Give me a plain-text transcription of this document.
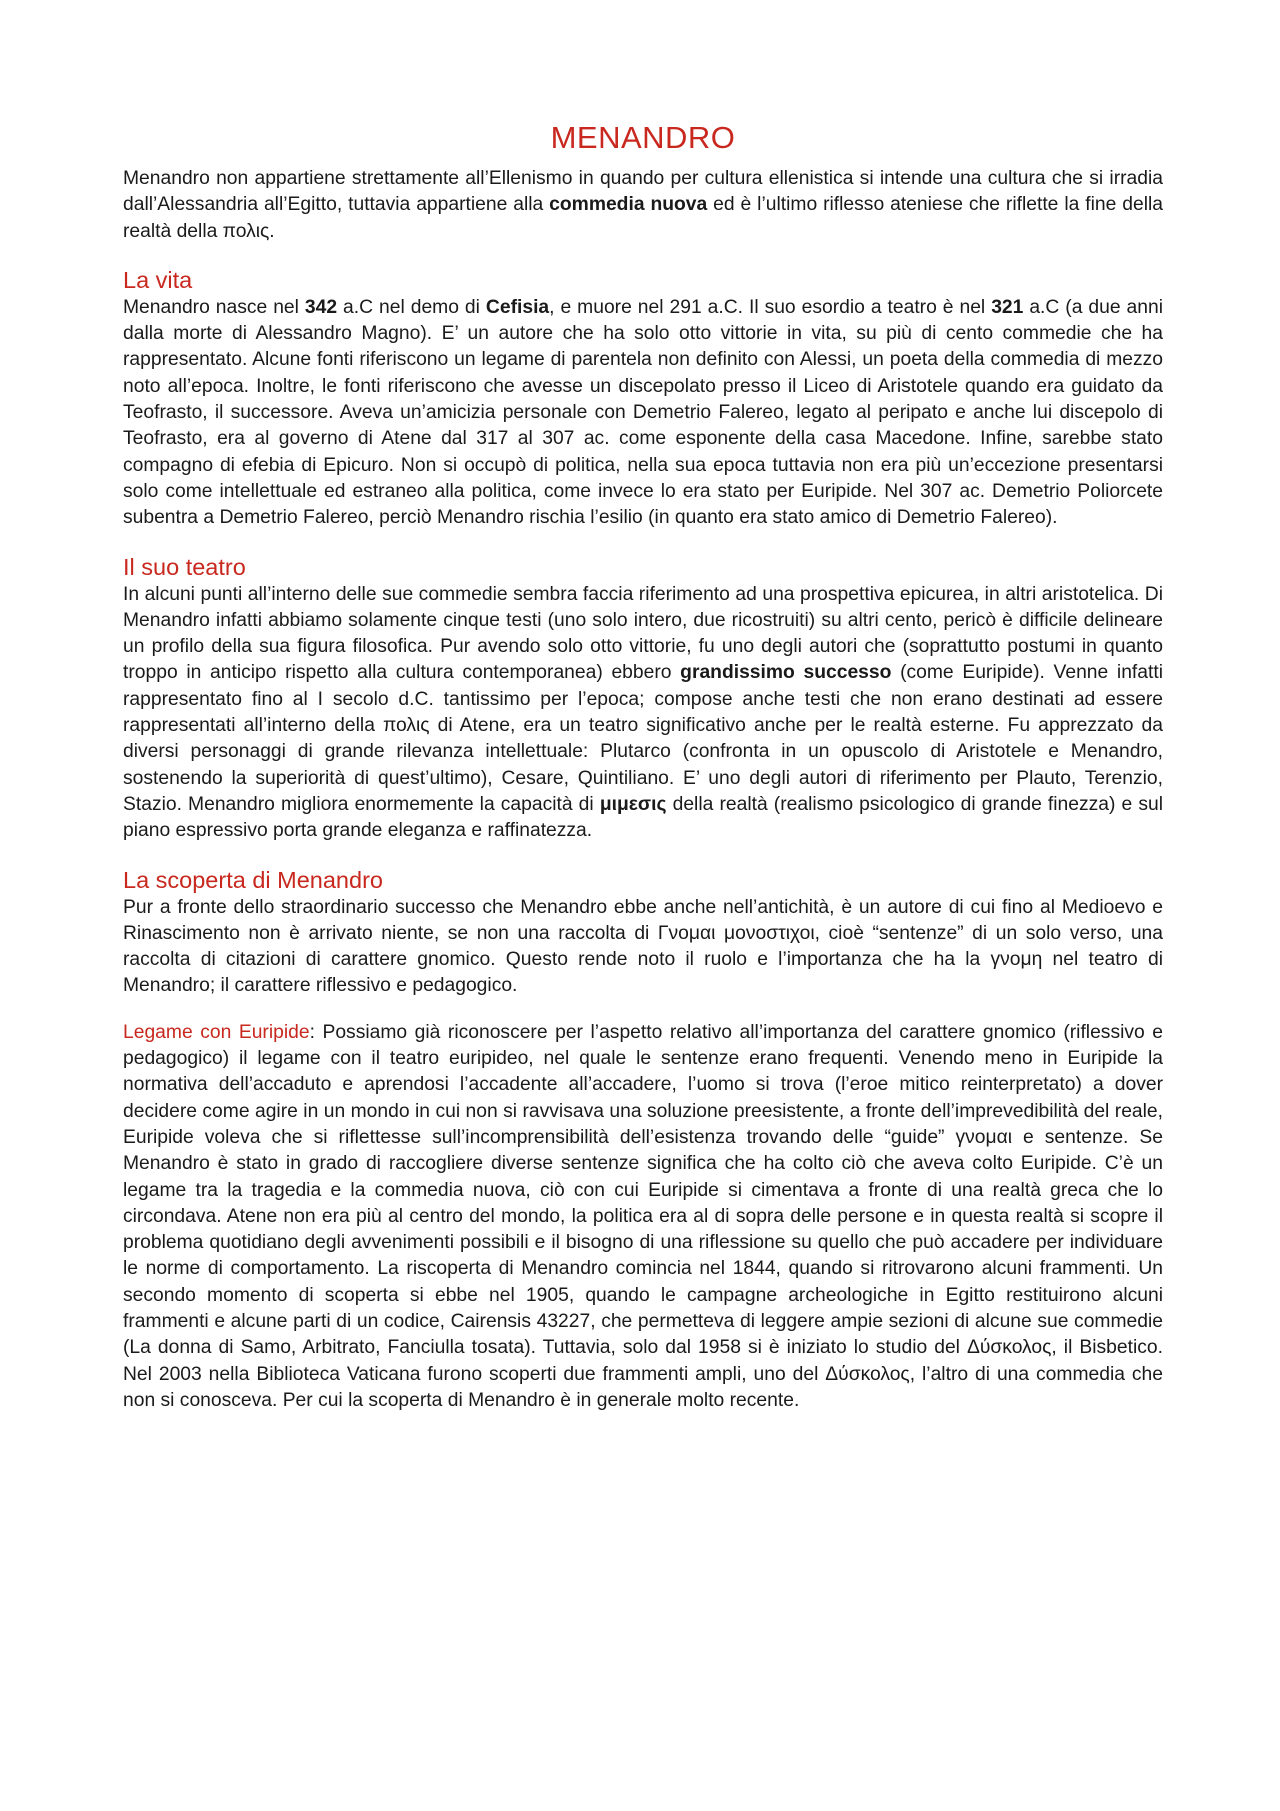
MENANDRO

Menandro non appartiene strettamente all’Ellenismo in quando per cultura ellenistica si intende una cultura che si irradia dall’Alessandria all’Egitto, tuttavia appartiene alla commedia nuova ed è l’ultimo riflesso ateniese che riflette la fine della realtà della πολις.

La vita

Menandro nasce nel 342 a.C nel demo di Cefisia, e muore nel 291 a.C. Il suo esordio a teatro è nel 321 a.C (a due anni dalla morte di Alessandro Magno). E’ un autore che ha solo otto vittorie in vita, su più di cento commedie che ha rappresentato. Alcune fonti riferiscono un legame di parentela non definito con Alessi, un poeta della commedia di mezzo noto all’epoca. Inoltre, le fonti riferiscono che avesse un discepolato presso il Liceo di Aristotele quando era guidato da Teofrasto, il successore. Aveva un’amicizia personale con Demetrio Falereo, legato al peripato e anche lui discepolo di Teofrasto, era al governo di Atene dal 317 al 307 ac. come esponente della casa Macedone. Infine, sarebbe stato compagno di efebia di Epicuro. Non si occupò di politica, nella sua epoca tuttavia non era più un’eccezione presentarsi solo come intellettuale ed estraneo alla politica, come invece lo era stato per Euripide. Nel 307 ac. Demetrio Poliorcete subentra a Demetrio Falereo, perciò Menandro rischia l’esilio (in quanto era stato amico di Demetrio Falereo).

Il suo teatro

In alcuni punti all’interno delle sue commedie sembra faccia riferimento ad una prospettiva epicurea, in altri aristotelica. Di Menandro infatti abbiamo solamente cinque testi (uno solo intero, due ricostruiti) su altri cento, pericò è difficile delineare un profilo della sua figura filosofica. Pur avendo solo otto vittorie, fu uno degli autori che (soprattutto postumi in quanto troppo in anticipo rispetto alla cultura contemporanea) ebbero grandissimo successo (come Euripide). Venne infatti rappresentato fino al I secolo d.C. tantissimo per l’epoca; compose anche testi che non erano destinati ad essere rappresentati all’interno della πολις di Atene, era un teatro significativo anche per le realtà esterne. Fu apprezzato da diversi personaggi di grande rilevanza intellettuale: Plutarco (confronta in un opuscolo di Aristotele e Menandro, sostenendo la superiorità di quest’ultimo), Cesare, Quintiliano. E’ uno degli autori di riferimento per Plauto, Terenzio, Stazio. Menandro migliora enormemente la capacità di μιμεσις della realtà (realismo psicologico di grande finezza) e sul piano espressivo porta grande eleganza e raffinatezza.

La scoperta di Menandro

Pur a fronte dello straordinario successo che Menandro ebbe anche nell’antichità, è un autore di cui fino al Medioevo e Rinascimento non è arrivato niente, se non una raccolta di Γνομαι μονοστιχοι, cioè “sentenze” di un solo verso, una raccolta di citazioni di carattere gnomico. Questo rende noto il ruolo e l’importanza che ha la γνομη nel teatro di Menandro; il carattere riflessivo e pedagogico.

Legame con Euripide: Possiamo già riconoscere per l’aspetto relativo all’importanza del carattere gnomico (riflessivo e pedagogico) il legame con il teatro euripideo, nel quale le sentenze erano frequenti. Venendo meno in Euripide la normativa dell’accaduto e aprendosi l’accadente all’accadere, l’uomo si trova (l’eroe mitico reinterpretato) a dover decidere come agire in un mondo in cui non si ravvisava una soluzione preesistente, a fronte dell’imprevedibilità del reale, Euripide voleva che si riflettesse sull’incomprensibilità dell’esistenza trovando delle “guide” γνομαι e sentenze. Se Menandro è stato in grado di raccogliere diverse sentenze significa che ha colto ciò che aveva colto Euripide. C’è un legame tra la tragedia e la commedia nuova, ciò con cui Euripide si cimentava a fronte di una realtà greca che lo circondava. Atene non era più al centro del mondo, la politica era al di sopra delle persone e in questa realtà si scopre il problema quotidiano degli avvenimenti possibili e il bisogno di una riflessione su quello che può accadere per individuare le norme di comportamento. La riscoperta di Menandro comincia nel 1844, quando si ritrovarono alcuni frammenti. Un secondo momento di scoperta si ebbe nel 1905, quando le campagne archeologiche in Egitto restituirono alcuni frammenti e alcune parti di un codice, Cairensis 43227, che permetteva di leggere ampie sezioni di alcune sue commedie (La donna di Samo, Arbitrato, Fanciulla tosata). Tuttavia, solo dal 1958 si è iniziato lo studio del Δύσκολος, il Bisbetico. Nel 2003 nella Biblioteca Vaticana furono scoperti due frammenti ampli, uno del Δύσκολος, l’altro di una commedia che non si conosceva. Per cui la scoperta di Menandro è in generale molto recente.
